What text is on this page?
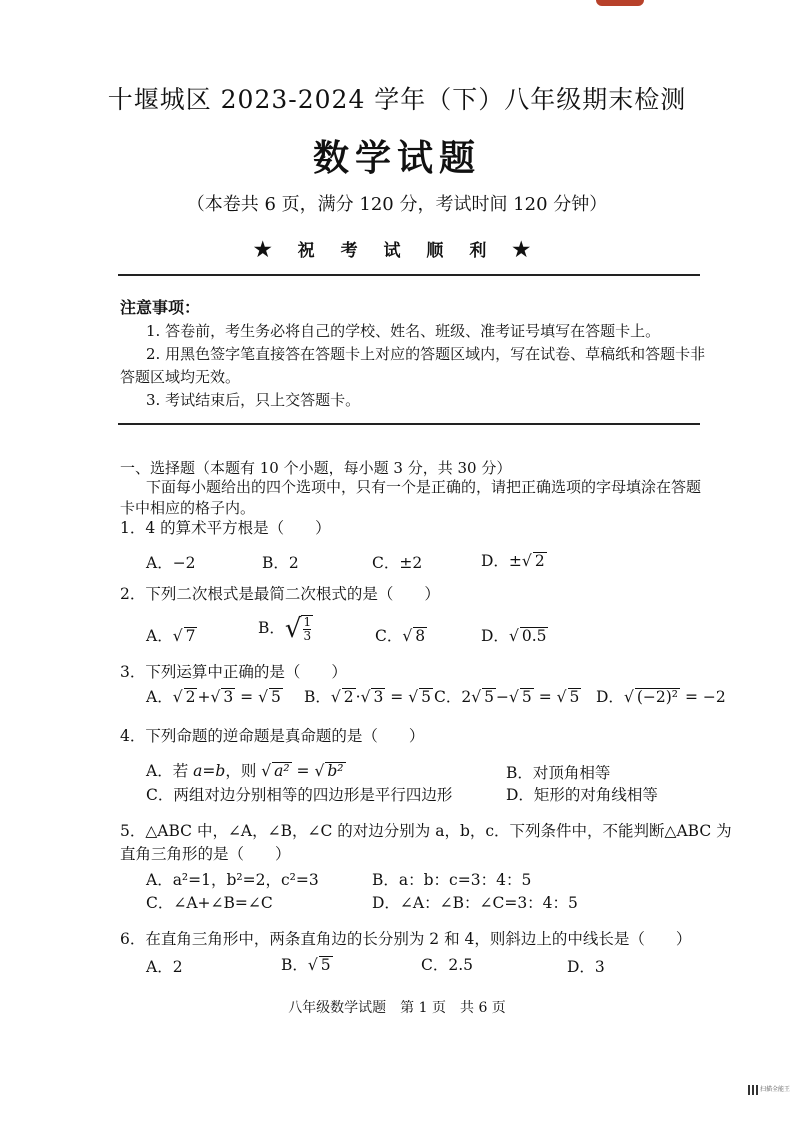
十堰城区 2023-2024 学年（下）八年级期末检测
数学试题
（本卷共 6 页，满分 120 分，考试时间 120 分钟）
★ 祝 考 试 顺 利 ★
注意事项：
1. 答卷前，考生务必将自己的学校、姓名、班级、准考证号填写在答题卡上。
2. 用黑色签字笔直接答在答题卡上对应的答题区域内，写在试卷、草稿纸和答题卡非
答题区域均无效。
3. 考试结束后，只上交答题卡。
一、选择题（本题有 10 个小题，每小题 3 分，共 30 分）
下面每小题给出的四个选项中，只有一个是正确的，请把正确选项的字母填涂在答题
卡中相应的格子内。
1．4 的算术平方根是（　　）
A．−2	B．2	C．±2	D．±√ 2
2．下列二次根式是最简二次根式的是（　　）
A．√ 7	B．√ $\frac{1}{3}$	C．√ 8	D．√ 0.5
3．下列运算中正确的是（　　）
A．√ 2 +√ 3 = √ 5 B．√ 2 ·√ 3 = √ 5 C．2√ 5 −√ 5 = √ 5 D．√ (−2)² = −2
4．下列命题的逆命题是真命题的是（　　）
A．若 a=b，则 √ a² = √ b²	B．对顶角相等
C．两组对边分别相等的四边形是平行四边形	D．矩形的对角线相等
5．△ABC 中，∠A，∠B，∠C 的对边分别为 a，b，c．下列条件中，不能判断△ABC 为
直角三角形的是（　　）
A．a²=1，b²=2，c²=3	B．a：b：c=3：4：5
C．∠A+∠B=∠C	D．∠A：∠B：∠C=3：4：5
6．在直角三角形中，两条直角边的长分别为 2 和 4，则斜边上的中线长是（　　）
A．2	B．√ 5	C．2.5	D．3
八年级数学试题　第 1 页　共 6 页
扫描全能王
